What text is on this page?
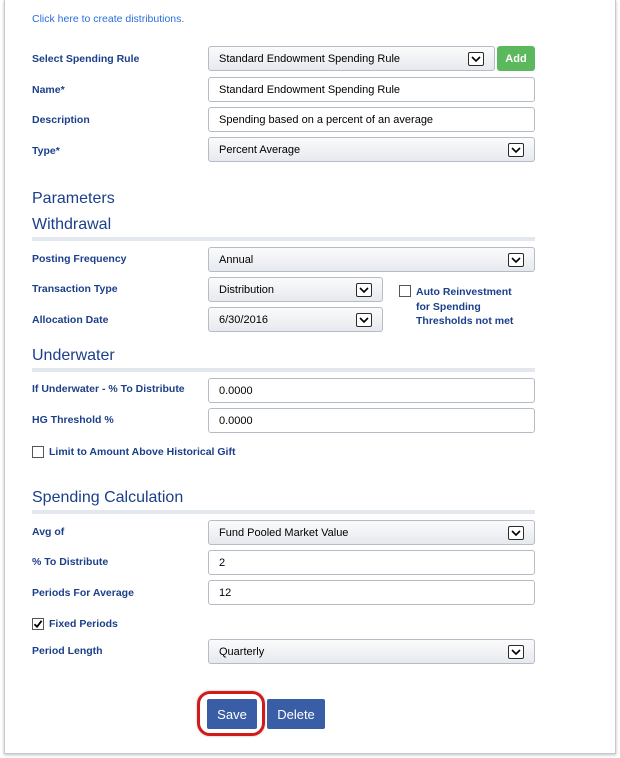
Click here to create distributions.
Select Spending Rule	Standard Endowment Spending Rule	Add
Name*	Standard Endowment Spending Rule
Description	Spending based on a percent of an average
Type*	Percent Average
Parameters
Withdrawal
Posting Frequency	Annual
Transaction Type	Distribution
Allocation Date	6/30/2016
Auto Reinvestment
for Spending
Thresholds not met
Underwater
If Underwater - % To Distribute	0.0000
HG Threshold %	0.0000
Limit to Amount Above Historical Gift
Spending Calculation
Avg of	Fund Pooled Market Value
% To Distribute	2
Periods For Average	12
Fixed Periods
Period Length	Quarterly
Save	Delete
